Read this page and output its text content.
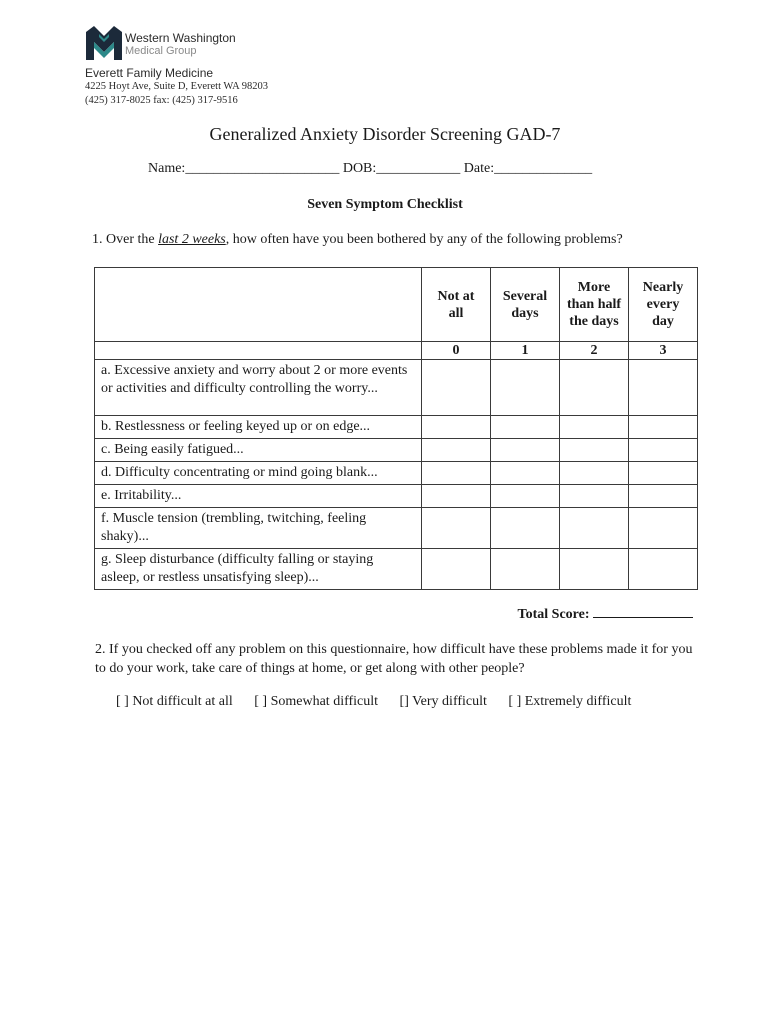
Western Washington
Medical Group
Everett Family Medicine
4225 Hoyt Ave, Suite D, Everett WA 98203
(425) 317-8025 fax: (425) 317-9516
Generalized Anxiety Disorder Screening GAD-7
Name:______________________ DOB:____________ Date:______________
Seven Symptom Checklist
1. Over the last 2 weeks, how often have you been bothered by any of the following problems?
	Not at all	Several days	More than half the days	Nearly every day
	0	1	2	3
a. Excessive anxiety and worry about 2 or more events or activities and difficulty controlling the worry...				
b. Restlessness or feeling keyed up or on edge...				
c. Being easily fatigued...				
d. Difficulty concentrating or mind going blank...				
e. Irritability...				
f. Muscle tension (trembling, twitching, feeling shaky)...				
g. Sleep disturbance (difficulty falling or staying asleep, or restless unsatisfying sleep)...				
Total Score:
2. If you checked off any problem on this questionnaire, how difficult have these problems made it for you to do your work, take care of things at home, or get along with other people?
[ ] Not difficult at all [ ] Somewhat difficult [] Very difficult [ ] Extremely difficult
